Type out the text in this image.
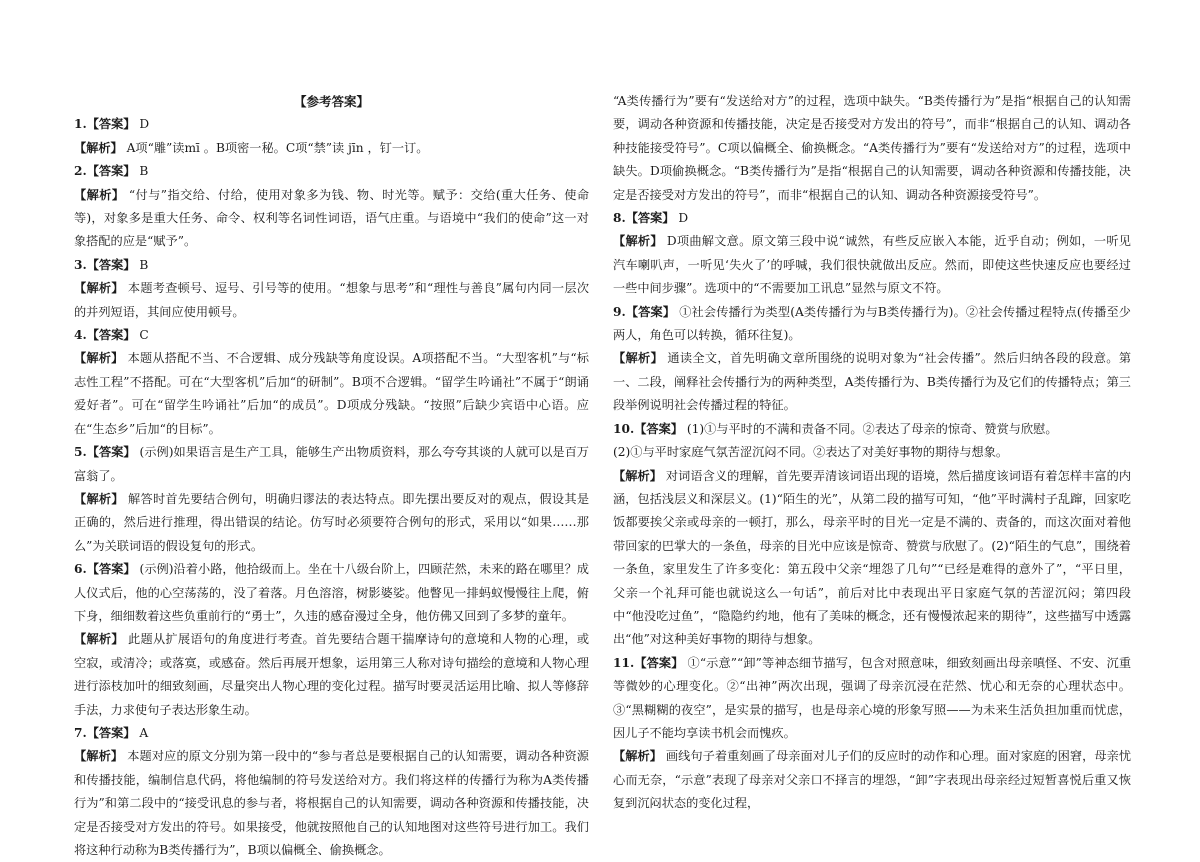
【参考答案】

1.【答案】 D

【解析】 A项“雕”读mī 。B项密一秘。C项“禁”读 jīn ，钉一订。

2.【答案】 B

【解析】 “付与”指交给、付给，使用对象多为钱、物、时光等。赋予：交给(重大任务、使命等)，对象多是重大任务、命令、权利等名词性词语，语气庄重。与语境中“我们的使命”这一对象搭配的应是“赋予”。

3.【答案】 B

【解析】 本题考查顿号、逗号、引号等的使用。“想象与思考”和“理性与善良”属句内同一层次的并列短语，其间应使用顿号。

4.【答案】 C

【解析】 本题从搭配不当、不合逻辑、成分残缺等角度设误。A项搭配不当。“大型客机”与“标志性工程”不搭配。可在“大型客机”后加“的研制”。B项不合逻辑。“留学生吟诵社”不属于“朗诵爱好者”。可在“留学生吟诵社”后加“的成员”。D项成分残缺。“按照”后缺少宾语中心语。应在“生态乡”后加“的目标”。

5.【答案】 (示例)如果语言是生产工具，能够生产出物质资料，那么夸夸其谈的人就可以是百万富翁了。

【解析】 解答时首先要结合例句，明确归谬法的表达特点。即先摆出要反对的观点，假设其是正确的，然后进行推理，得出错误的结论。仿写时必须要符合例句的形式，采用以“如果……那么”为关联词语的假设复句的形式。

6.【答案】 (示例)沿着小路，他拾级而上。坐在十八级台阶上，四顾茫然，未来的路在哪里？成人仪式后，他的心空荡荡的，没了着落。月色溶溶，树影婆娑。他瞥见一排蚂蚁慢慢往上爬，俯下身，细细数着这些负重前行的“勇士”，久违的感奋漫过全身，他仿佛又回到了多梦的童年。

【解析】 此题从扩展语句的角度进行考查。首先要结合题干揣摩诗句的意境和人物的心理，或空寂，或清冷；或落寞，或感奋。然后再展开想象，运用第三人称对诗句描绘的意境和人物心理进行添枝加叶的细致刻画，尽量突出人物心理的变化过程。描写时要灵活运用比喻、拟人等修辞手法，力求使句子表达形象生动。

7.【答案】 A

【解析】 本题对应的原文分别为第一段中的“参与者总是要根据自己的认知需要，调动各种资源和传播技能，编制信息代码，将他编制的符号发送给对方。我们将这样的传播行为称为A类传播行为”和第二段中的“接受讯息的参与者，将根据自己的认知需要，调动各种资源和传播技能，决定是否接受对方发出的符号。如果接受，他就按照他自己的认知地图对这些符号进行加工。我们将这种行动称为B类传播行为”，B项以偏概全、偷换概念。

“A类传播行为”要有“发送给对方”的过程，选项中缺失。“B类传播行为”是指“根据自己的认知需要，调动各种资源和传播技能，决定是否接受对方发出的符号”，而非“根据自己的认知、调动各种技能接受符号”。C项以偏概全、偷换概念。“A类传播行为”要有“发送给对方”的过程，选项中缺失。D项偷换概念。“B类传播行为”是指“根据自己的认知需要，调动各种资源和传播技能，决定是否接受对方发出的符号”，而非“根据自己的认知、调动各种资源接受符号”。

8.【答案】 D

【解析】 D项曲解文意。原文第三段中说“诚然，有些反应嵌入本能，近乎自动；例如，一听见汽车喇叭声，一听见‘失火了’的呼喊，我们很快就做出反应。然而，即使这些快速反应也要经过一些中间步骤”。选项中的“不需要加工讯息”显然与原文不符。

9.【答案】 ①社会传播行为类型(A类传播行为与B类传播行为)。②社会传播过程特点(传播至少两人，角色可以转换，循环往复)。

【解析】 通读全文，首先明确文章所围绕的说明对象为“社会传播”。然后归纳各段的段意。第一、二段，阐释社会传播行为的两种类型，A类传播行为、B类传播行为及它们的传播特点；第三段举例说明社会传播过程的特征。

10.【答案】 (1)①与平时的不满和责备不同。②表达了母亲的惊奇、赞赏与欣慰。

(2)①与平时家庭气氛苦涩沉闷不同。②表达了对美好事物的期待与想象。

【解析】 对词语含义的理解，首先要弄清该词语出现的语境，然后描度该词语有着怎样丰富的内涵，包括浅层义和深层义。(1)“陌生的光”，从第二段的描写可知，“他”平时满村子乱蹿，回家吃饭都要挨父亲或母亲的一顿打，那么，母亲平时的目光一定是不满的、责备的，而这次面对着他带回家的巴掌大的一条鱼，母亲的目光中应该是惊奇、赞赏与欣慰了。(2)“陌生的气息”，围绕着一条鱼，家里发生了许多变化：第五段中父亲“埋怨了几句”“已经是难得的意外了”，“平日里，父亲一个礼拜可能也就说这么一句话”，前后对比中表现出平日家庭气氛的苦涩沉闷；第四段中“他没吃过鱼”，“隐隐约约地，他有了美味的概念，还有慢慢浓起来的期待”，这些描写中透露出“他”对这种美好事物的期待与想象。

11.【答案】 ①“示意”“卸”等神态细节描写，包含对照意味，细致刻画出母亲嗔怪、不安、沉重等微妙的心理变化。②“出神”两次出现，强调了母亲沉浸在茫然、忧心和无奈的心理状态中。③“黑糊糊的夜空”，是实景的描写，也是母亲心境的形象写照——为未来生活负担加重而忧虑，因儿子不能均享读书机会而愧疚。

【解析】 画线句子着重刻画了母亲面对儿子们的反应时的动作和心理。面对家庭的困窘，母亲忧心而无奈，“示意”表现了母亲对父亲口不择言的埋怨，“卸”字表现出母亲经过短暂喜悦后重又恢复到沉闷状态的变化过程，
